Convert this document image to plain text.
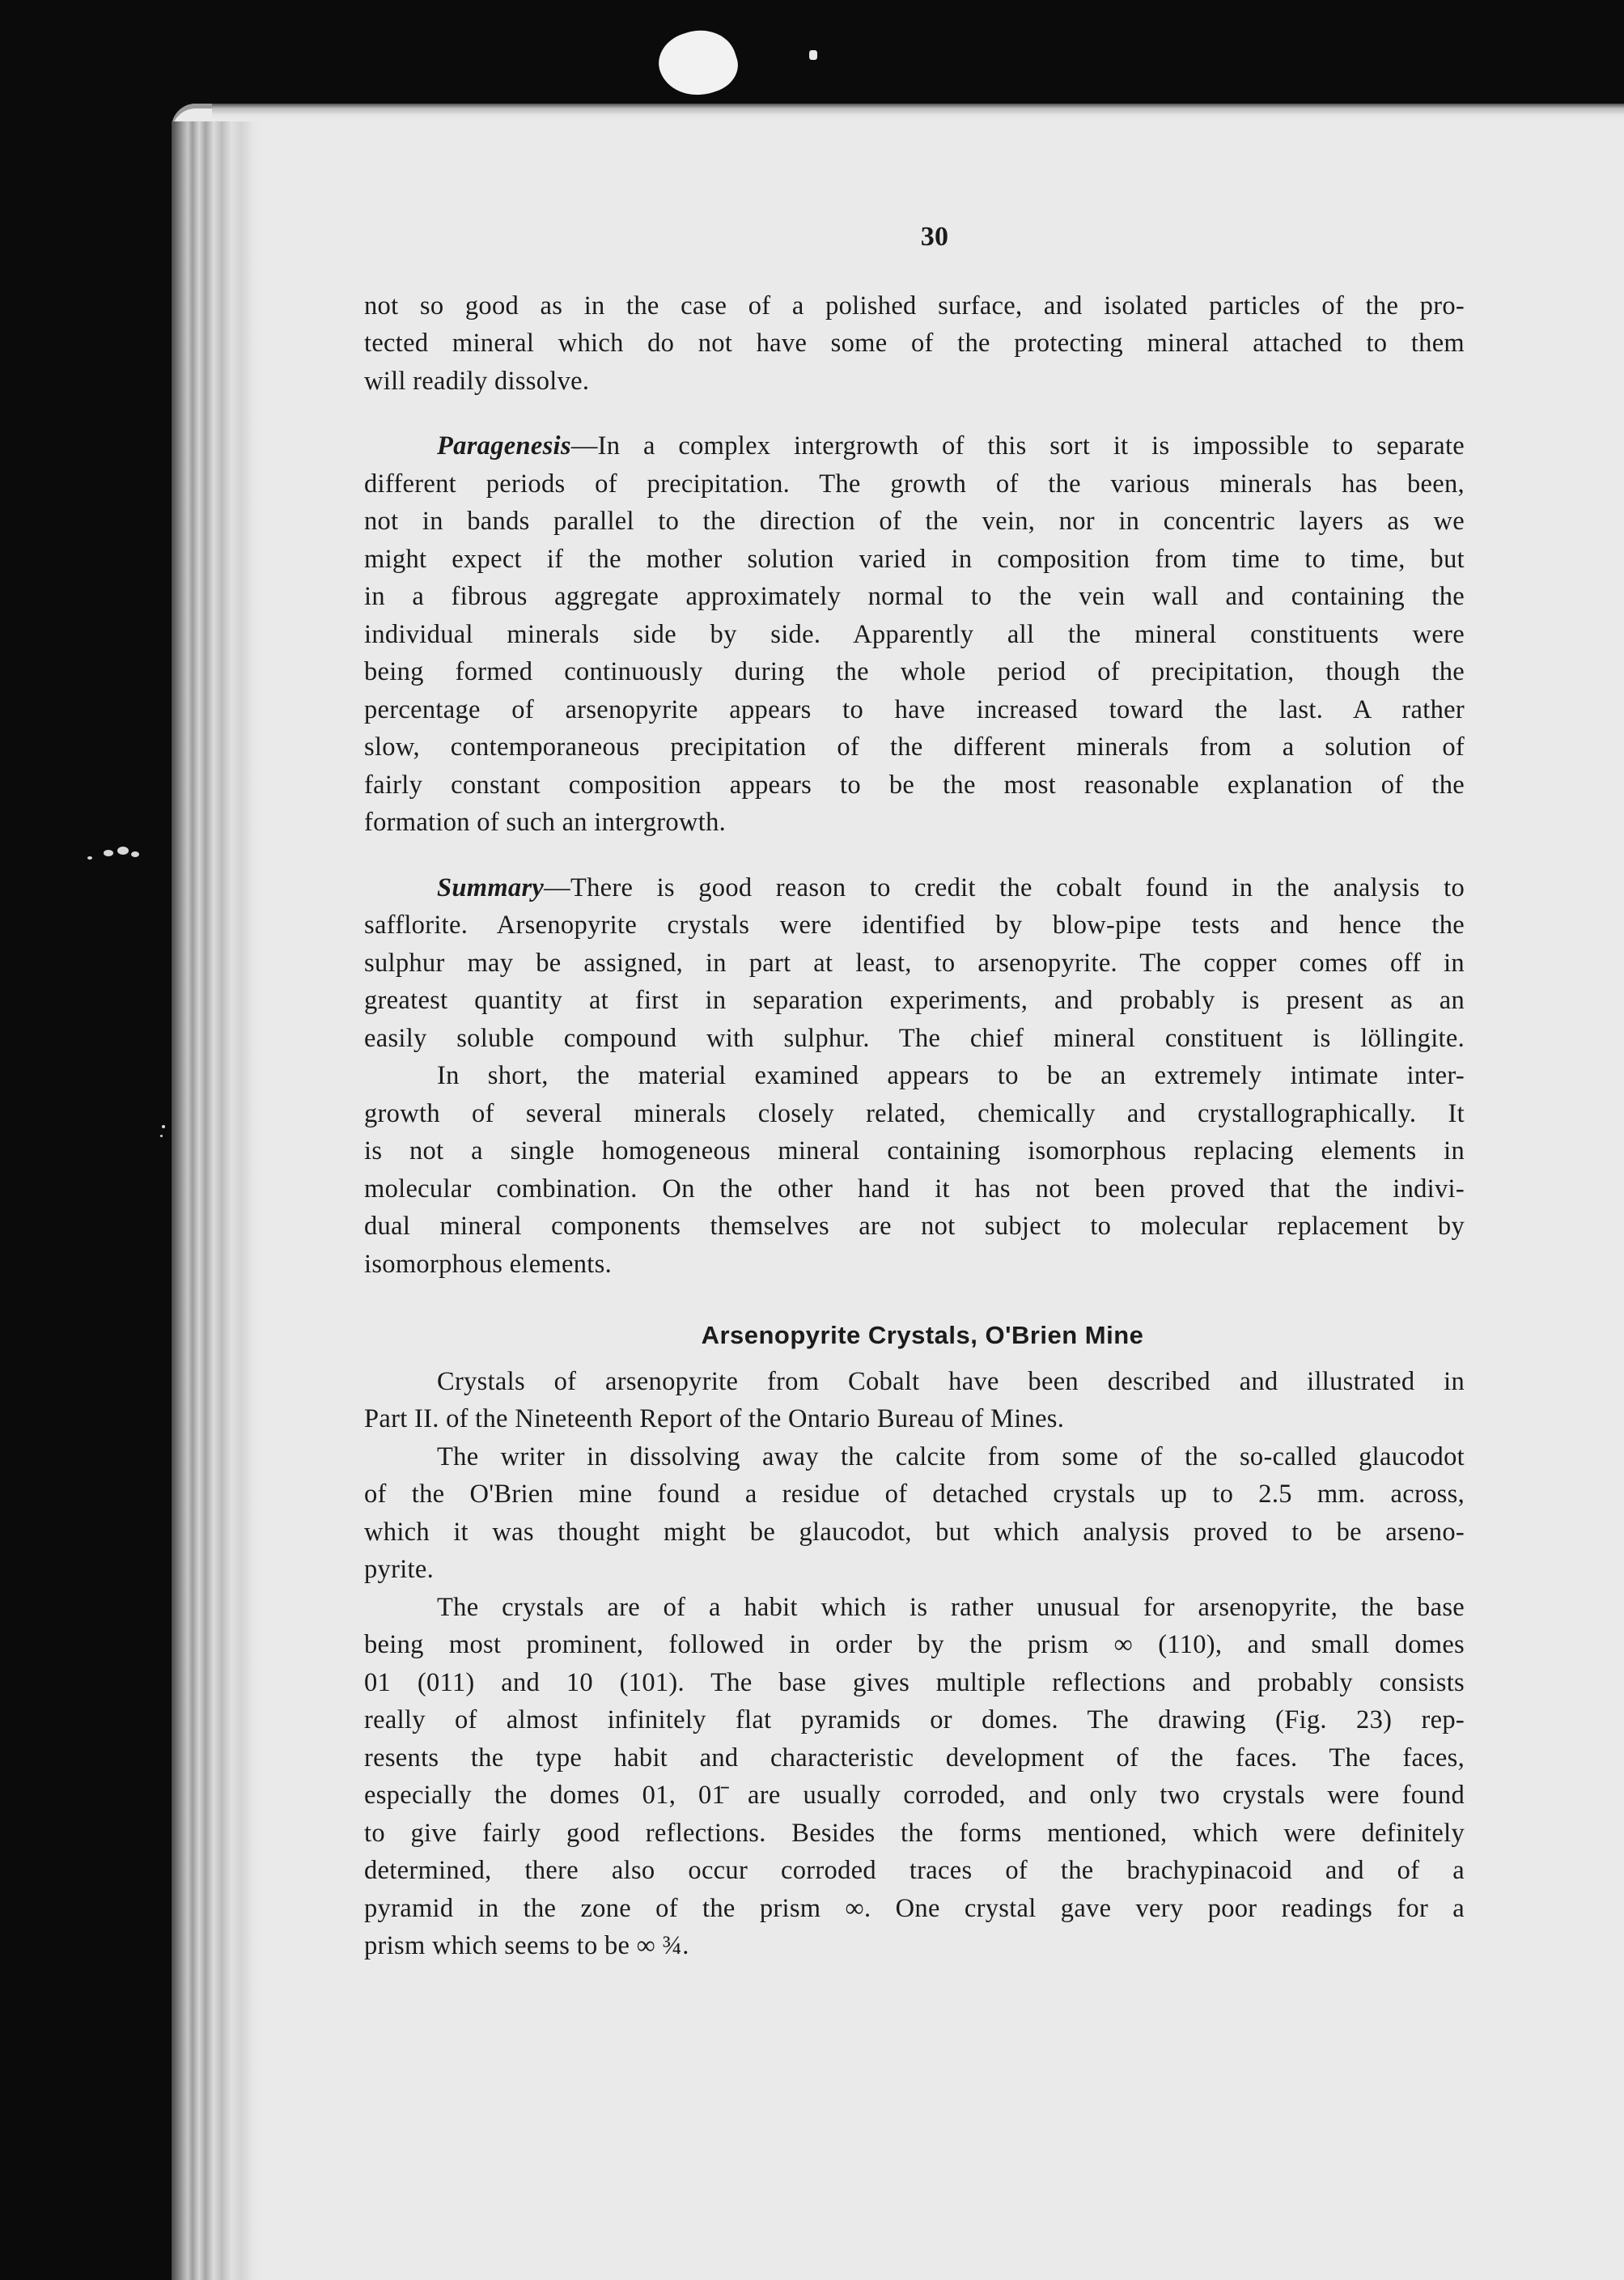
30
not so good as in the case of a polished surface, and isolated particles of the pro-
tected mineral which do not have some of the protecting mineral attached to them
will readily dissolve.
Paragenesis—In a complex intergrowth of this sort it is impossible to separate
different periods of precipitation. The growth of the various minerals has been,
not in bands parallel to the direction of the vein, nor in concentric layers as we
might expect if the mother solution varied in composition from time to time, but
in a fibrous aggregate approximately normal to the vein wall and containing the
individual minerals side by side. Apparently all the mineral constituents were
being formed continuously during the whole period of precipitation, though the
percentage of arsenopyrite appears to have increased toward the last. A rather
slow, contemporaneous precipitation of the different minerals from a solution of
fairly constant composition appears to be the most reasonable explanation of the
formation of such an intergrowth.
Summary—There is good reason to credit the cobalt found in the analysis to
safflorite. Arsenopyrite crystals were identified by blow-pipe tests and hence the
sulphur may be assigned, in part at least, to arsenopyrite. The copper comes off in
greatest quantity at first in separation experiments, and probably is present as an
easily soluble compound with sulphur. The chief mineral constituent is löllingite.
In short, the material examined appears to be an extremely intimate inter-
growth of several minerals closely related, chemically and crystallographically. It
is not a single homogeneous mineral containing isomorphous replacing elements in
molecular combination. On the other hand it has not been proved that the indivi-
dual mineral components themselves are not subject to molecular replacement by
isomorphous elements.
Arsenopyrite Crystals, O'Brien Mine
Crystals of arsenopyrite from Cobalt have been described and illustrated in
Part II. of the Nineteenth Report of the Ontario Bureau of Mines.
The writer in dissolving away the calcite from some of the so-called glaucodot
of the O'Brien mine found a residue of detached crystals up to 2.5 mm. across,
which it was thought might be glaucodot, but which analysis proved to be arseno-
pyrite.
The crystals are of a habit which is rather unusual for arsenopyrite, the base
being most prominent, followed in order by the prism ∞ (110), and small domes
01 (011) and 10 (101). The base gives multiple reflections and probably consists
really of almost infinitely flat pyramids or domes. The drawing (Fig. 23) rep-
resents the type habit and characteristic development of the faces. The faces,
especially the domes 01, 01̄ are usually corroded, and only two crystals were found
to give fairly good reflections. Besides the forms mentioned, which were definitely
determined, there also occur corroded traces of the brachypinacoid and of a
pyramid in the zone of the prism ∞. One crystal gave very poor readings for a
prism which seems to be ∞ ¾.
